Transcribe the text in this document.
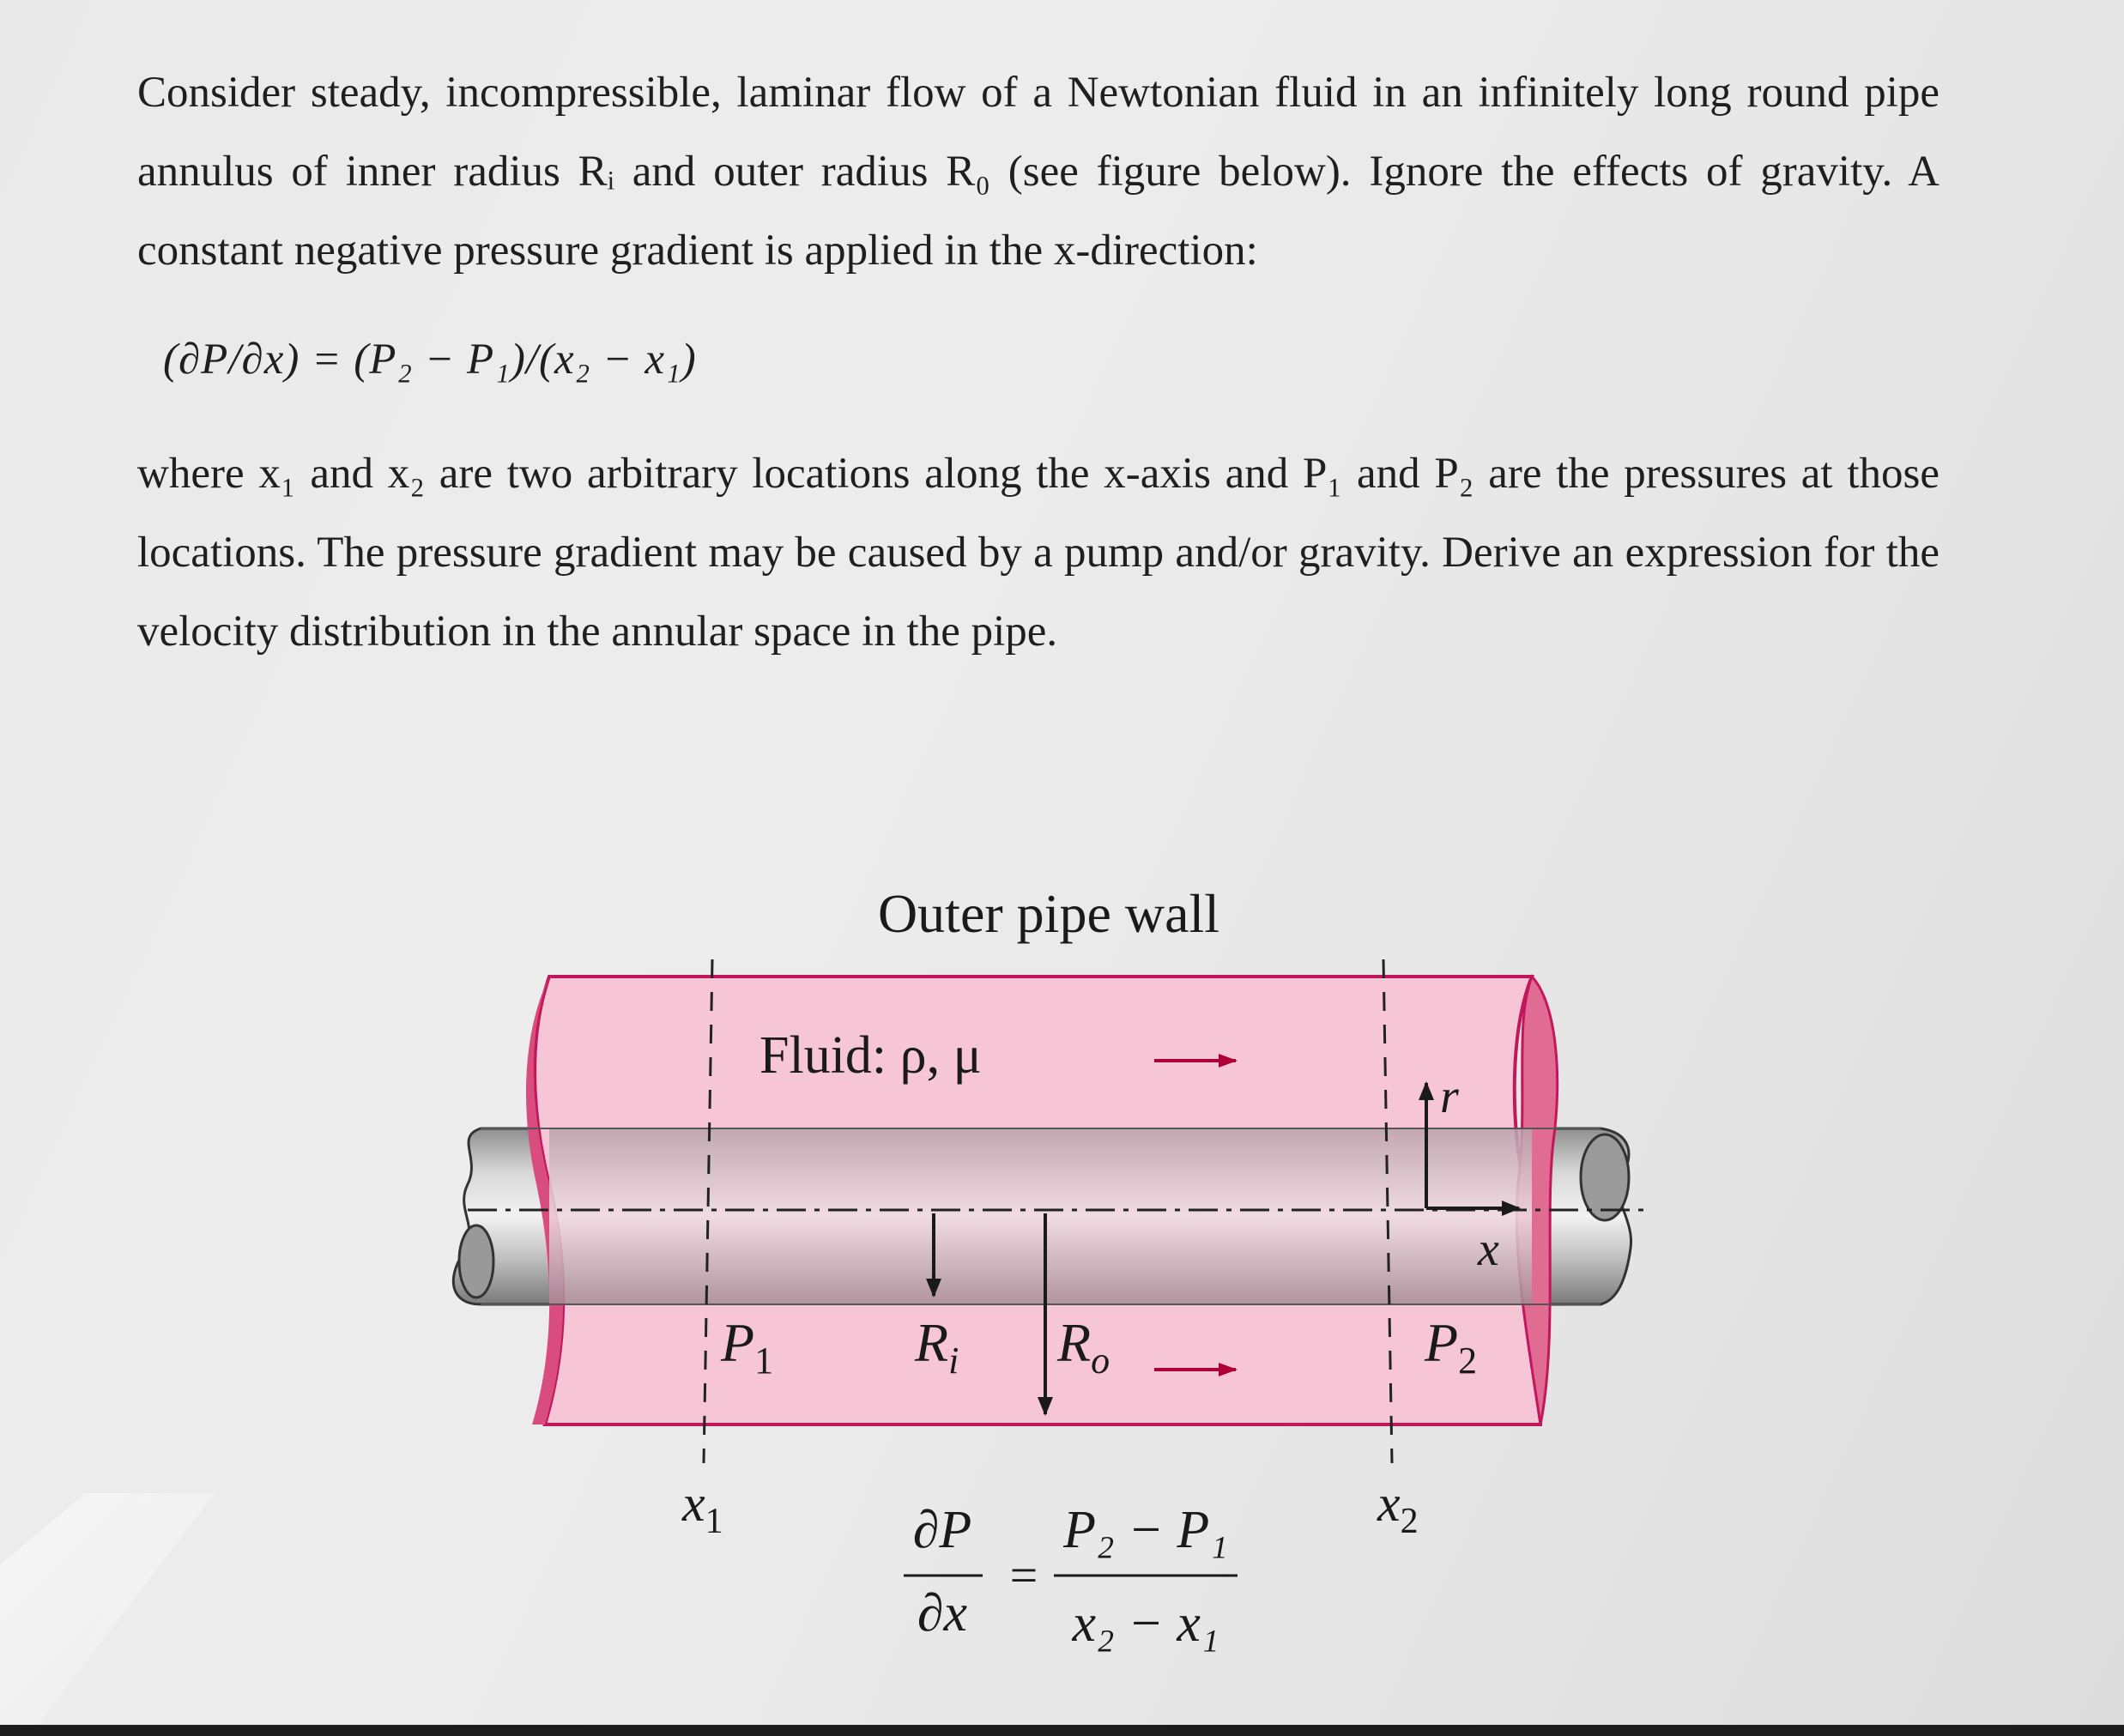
Consider steady, incompressible, laminar flow of a Newtonian fluid in an infinitely long round pipe annulus of inner radius Rᵢ and outer radius R₀ (see figure below). Ignore the effects of gravity. A constant negative pressure gradient is applied in the x-direction:
(∂P/∂x) = (P₂ − P₁)/(x₂ − x₁)
where x₁ and x₂ are two arbitrary locations along the x-axis and P₁ and P₂ are the pressures at those locations. The pressure gradient may be caused by a pump and/or gravity. Derive an expression for the velocity distribution in the annular space in the pipe.
Outer pipe wall
Fluid: ρ, μ
$P_1$	$R_i$ $R_o$	$P_2$
r
x
$x_1$	$x_2$
∂P
∂x
=
P₂ − P₁
x₂ − x₁
